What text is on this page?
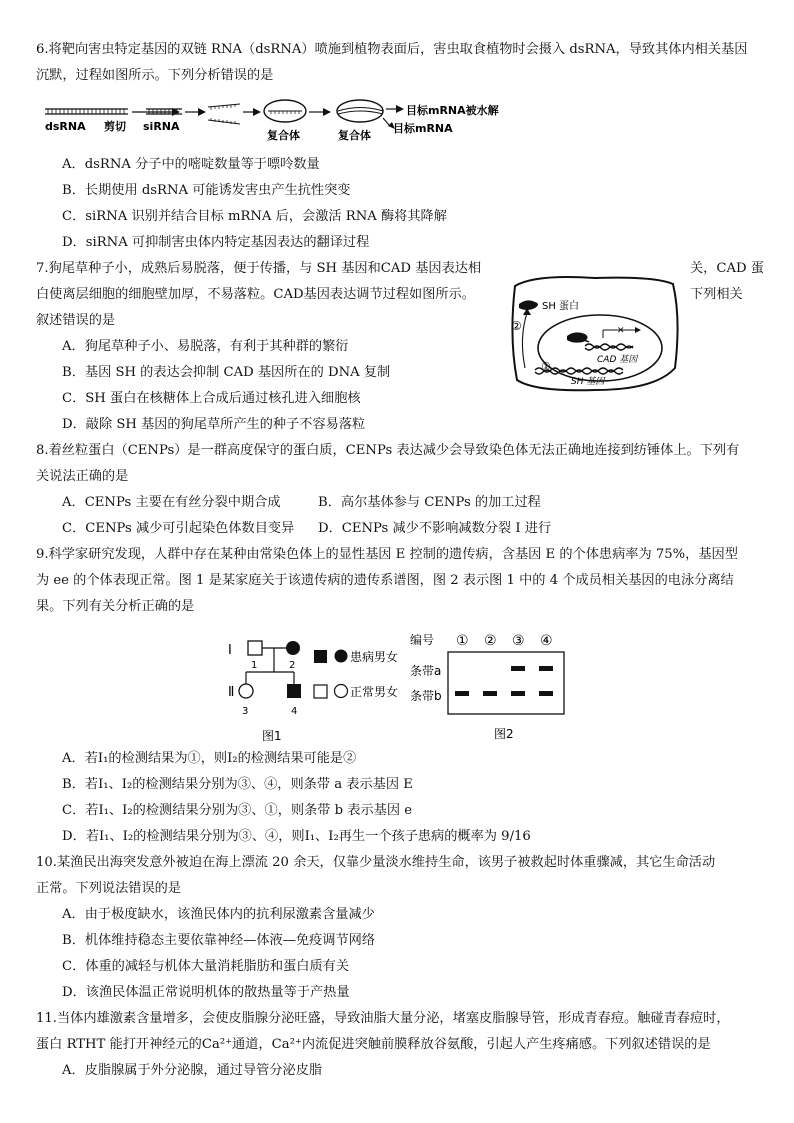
6.将靶向害虫特定基因的双链 RNA（dsRNA）喷施到植物表面后，害虫取食植物时会摄入 dsRNA，导致其体内相关基因
沉默，过程如图所示。下列分析错误的是
dsRNA 剪切 siRNA
复合体	复合体
目标mRNA被水解
目标mRNA
A．dsRNA 分子中的嘧啶数量等于嘌呤数量
B．长期使用 dsRNA 可能诱发害虫产生抗性突变
C．siRNA 识别并结合目标 mRNA 后，会激活 RNA 酶将其降解
D．siRNA 可抑制害虫体内特定基因表达的翻译过程
7.狗尾草种子小，成熟后易脱落，便于传播，与 SH 基因和CAD 基因表达相	关，CAD 蛋
白使离层细胞的细胞壁加厚，不易落粒。CAD基因表达调节过程如图所示。	下列相关
叙述错误的是
SH 蛋白
②	✕
CAD 基因
①
SH 基因
A．狗尾草种子小、易脱落，有利于其种群的繁衍
B．基因 SH 的表达会抑制 CAD 基因所在的 DNA 复制
C．SH 蛋白在核糖体上合成后通过核孔进入细胞核
D．敲除 SH 基因的狗尾草所产生的种子不容易落粒
8.着丝粒蛋白（CENPs）是一群高度保守的蛋白质，CENPs 表达减少会导致染色体无法正确地连接到纺锤体上。下列有
关说法正确的是
A．CENPs 主要在有丝分裂中期合成	B．高尔基体参与 CENPs 的加工过程
C．CENPs 减少可引起染色体数目变异 D．CENPs 减少不影响减数分裂 I 进行
9.科学家研究发现，人群中存在某种由常染色体上的显性基因 E 控制的遗传病，含基因 E 的个体患病率为 75%，基因型
为 ee 的个体表现正常。图 1 是某家庭关于该遗传病的遗传系谱图，图 2 表示图 1 中的 4 个成员相关基因的电泳分离结
果。下列有关分析正确的是
Ⅰ
Ⅱ
1	2
3	4
患病男女
正常男女
图1
编号 ① ② ③ ④
条带a
条带b
图2
A．若Ⅰ₁的检测结果为①，则Ⅰ₂的检测结果可能是②
B．若Ⅰ₁、Ⅰ₂的检测结果分别为③、④，则条带 a 表示基因 E
C．若Ⅰ₁、Ⅰ₂的检测结果分别为③、①，则条带 b 表示基因 e
D．若Ⅰ₁、Ⅰ₂的检测结果分别为③、④，则Ⅰ₁、Ⅰ₂再生一个孩子患病的概率为 9/16
10.某渔民出海突发意外被迫在海上漂流 20 余天，仅靠少量淡水维持生命，该男子被救起时体重骤减，其它生命活动
正常。下列说法错误的是
A．由于极度缺水，该渔民体内的抗利尿激素含量减少
B．机体维持稳态主要依靠神经—体液—免疫调节网络
C．体重的减轻与机体大量消耗脂肪和蛋白质有关
D．该渔民体温正常说明机体的散热量等于产热量
11.当体内雄激素含量增多，会使皮脂腺分泌旺盛，导致油脂大量分泌，堵塞皮脂腺导管，形成青春痘。触碰青春痘时，
蛋白 RTHT 能打开神经元的Ca²⁺通道，Ca²⁺内流促进突触前膜释放谷氨酸，引起人产生疼痛感。下列叙述错误的是
A．皮脂腺属于外分泌腺，通过导管分泌皮脂
